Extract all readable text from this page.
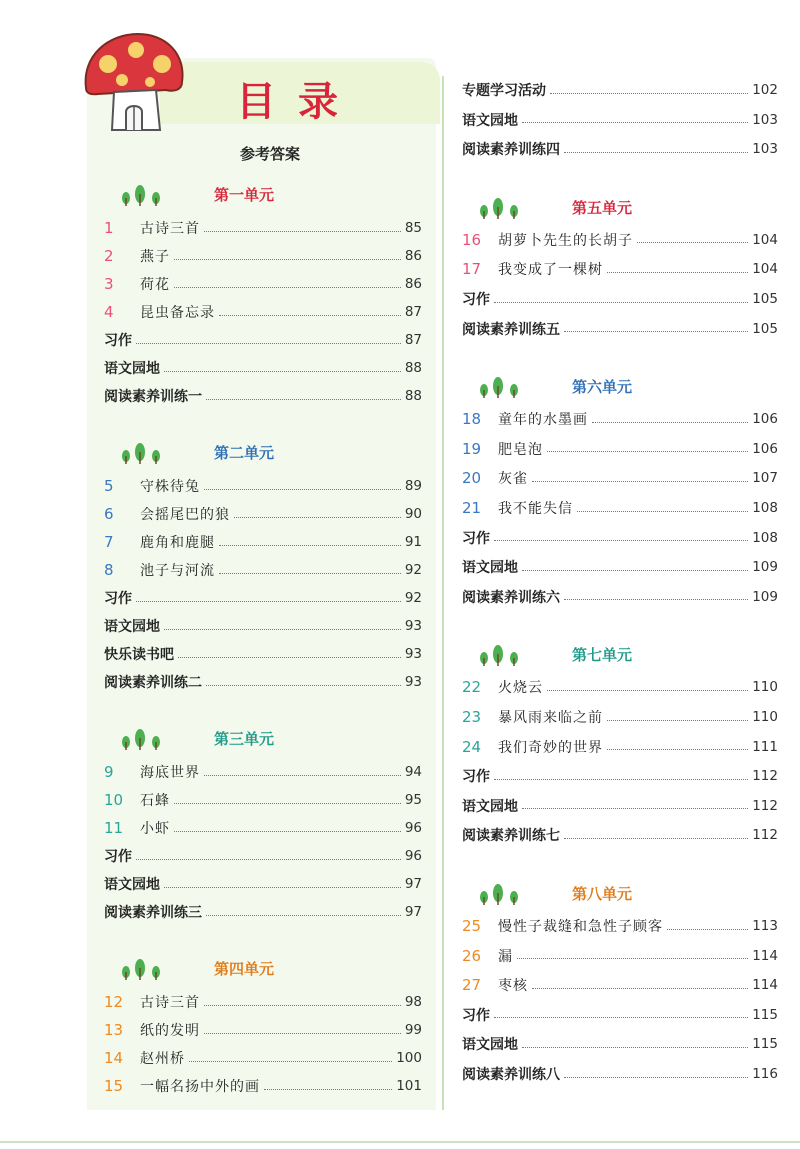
目录
参考答案
第一单元
1	古诗三首	85
2	燕子	86
3	荷花	86
4	昆虫备忘录	87
习作	87
语文园地	88
阅读素养训练一	88
第二单元
5	守株待兔	89
6	会摇尾巴的狼	90
7	鹿角和鹿腿	91
8	池子与河流	92
习作	92
语文园地	93
快乐读书吧	93
阅读素养训练二	93
第三单元
9	海底世界	94
10	石蜂	95
11	小虾	96
习作	96
语文园地	97
阅读素养训练三	97
第四单元
12	古诗三首	98
13	纸的发明	99
14	赵州桥	100
15	一幅名扬中外的画	101
专题学习活动	102
语文园地	103
阅读素养训练四	103
第五单元
16	胡萝卜先生的长胡子	104
17	我变成了一棵树	104
习作	105
阅读素养训练五	105
第六单元
18	童年的水墨画	106
19	肥皂泡	106
20	灰雀	107
21	我不能失信	108
习作	108
语文园地	109
阅读素养训练六	109
第七单元
22	火烧云	110
23	暴风雨来临之前	110
24	我们奇妙的世界	111
习作	112
语文园地	112
阅读素养训练七	112
第八单元
25	慢性子裁缝和急性子顾客	113
26	漏	114
27	枣核	114
习作	115
语文园地	115
阅读素养训练八	116
